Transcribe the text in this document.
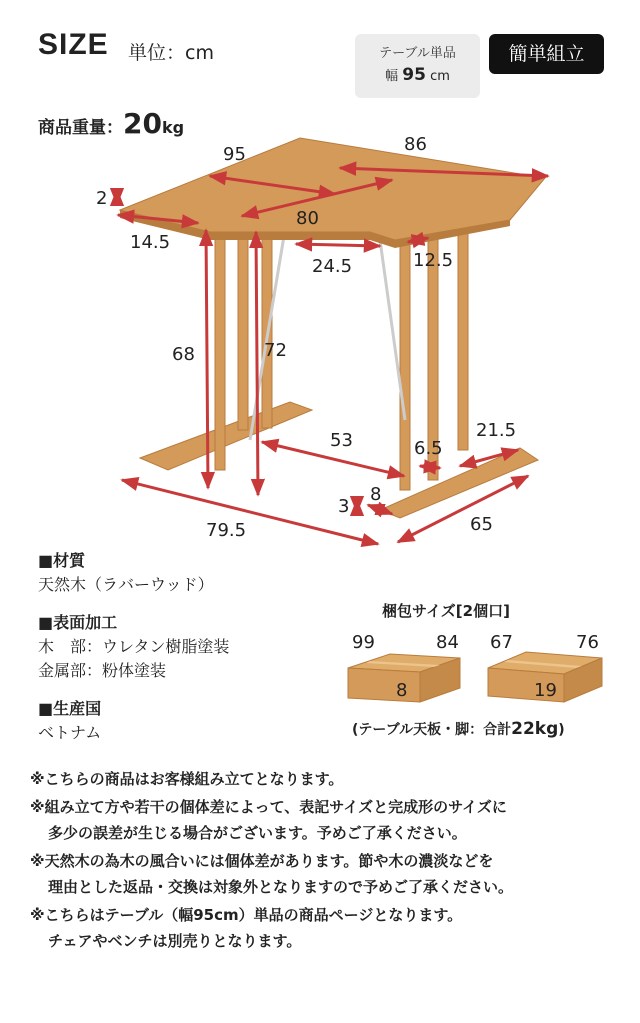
SIZE 単位：cm	テーブル単品
幅 95 cm
簡単組立
商品重量：20kg
95	86
2
14.5
80
24.5	12.5
68	72
53	6.5
21.5
3
8
79.5	65
■材質
天然木（ラバーウッド）
■表面加工
木　部：ウレタン樹脂塗装
金属部：粉体塗装
■生産国
ベトナム
梱包サイズ[2個口]
99	84
8
67	76
19
(テーブル天板・脚：合計22kg)
※こちらの商品はお客様組み立てとなります。
※組み立て方や若干の個体差によって、表記サイズと完成形のサイズに
多少の誤差が生じる場合がございます。予めご了承ください。
※天然木の為木の風合いには個体差があります。節や木の濃淡などを
理由とした返品・交換は対象外となりますので予めご了承ください。
※こちらはテーブル（幅95cm）単品の商品ページとなります。
チェアやベンチは別売りとなります。
